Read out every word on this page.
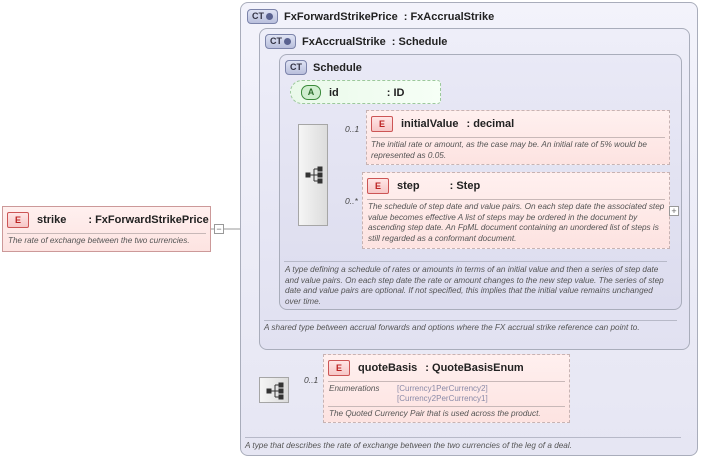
E	strike : FxForwardStrikePrice
The rate of exchange between the two currencies.
−
CT	FxForwardStrikePrice : FxAccrualStrike
A type that describes the rate of exchange between the two currencies of the leg of a deal.
CT	FxAccrualStrike : Schedule
A shared type between accrual forwards and options where the FX accrual strike reference can point to.
CT	Schedule
A type defining a schedule of rates or amounts in terms of an initial value and then a series of step date and value pairs. On each step date the rate or amount changes to the new step value. The series of step date and value pairs are optional. If not specified, this implies that the initial value remains unchanged over time.
A	id	: ID
0..1	E	initialValue : decimal
The initial rate or amount, as the case may be. An initial rate of 5% would be represented as 0.05.
0..*
E	step	: Step
The schedule of step date and value pairs. On each step date the associated step value becomes effective A list of steps may be ordered in the document by ascending step date. An FpML document containing an unordered list of steps is still regarded as a conformant document.
+
0..1
E	quoteBasis : QuoteBasisEnum
Enumerations [Currency1PerCurrency2]
[Currency2PerCurrency1]
The Quoted Currency Pair that is used across the product.
